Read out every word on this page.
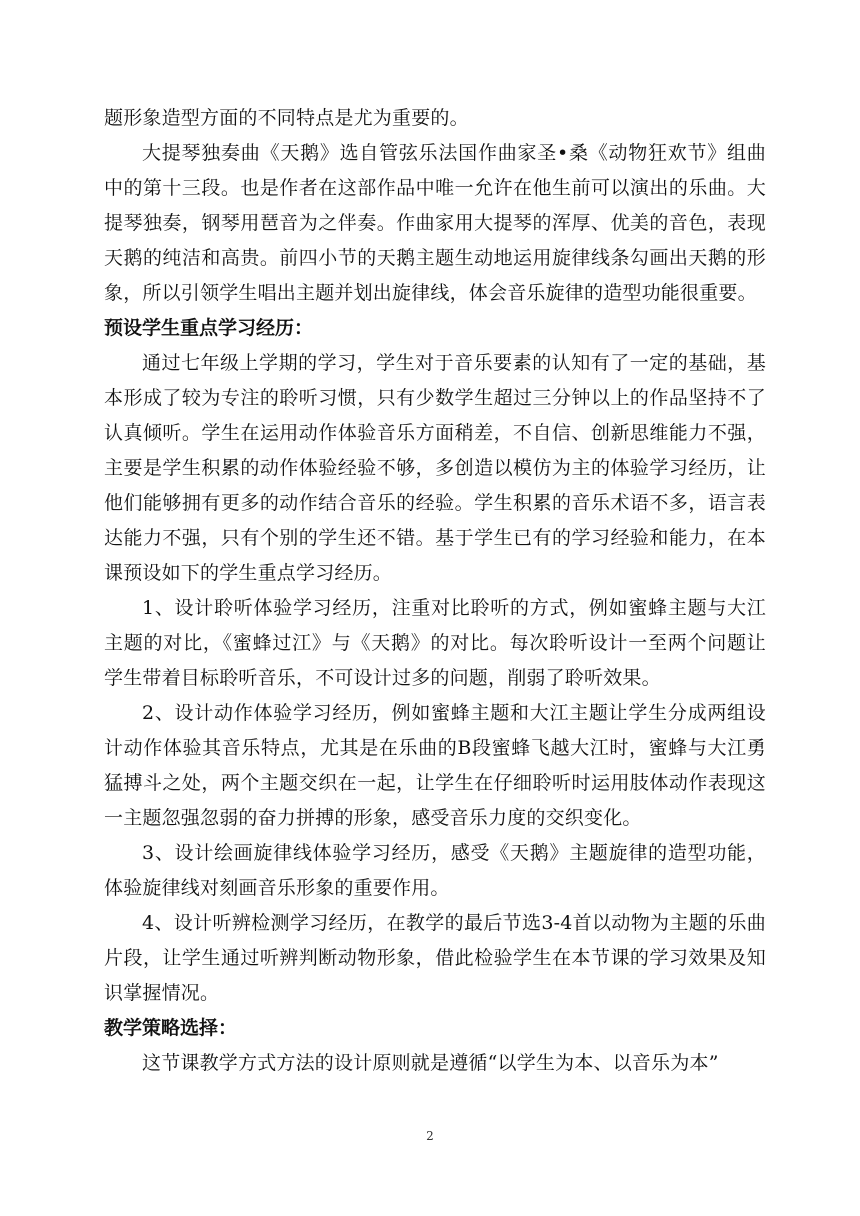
题形象造型方面的不同特点是尤为重要的。

大提琴独奏曲《天鹅》选自管弦乐法国作曲家圣•桑《动物狂欢节》组曲中的第十三段。也是作者在这部作品中唯一允许在他生前可以演出的乐曲。大提琴独奏，钢琴用琶音为之伴奏。作曲家用大提琴的浑厚、优美的音色，表现天鹅的纯洁和高贵。前四小节的天鹅主题生动地运用旋律线条勾画出天鹅的形象，所以引领学生唱出主题并划出旋律线，体会音乐旋律的造型功能很重要。

预设学生重点学习经历：

通过七年级上学期的学习，学生对于音乐要素的认知有了一定的基础，基本形成了较为专注的聆听习惯，只有少数学生超过三分钟以上的作品坚持不了认真倾听。学生在运用动作体验音乐方面稍差，不自信、创新思维能力不强，主要是学生积累的动作体验经验不够，多创造以模仿为主的体验学习经历，让他们能够拥有更多的动作结合音乐的经验。学生积累的音乐术语不多，语言表达能力不强，只有个别的学生还不错。基于学生已有的学习经验和能力，在本课预设如下的学生重点学习经历。

1、设计聆听体验学习经历，注重对比聆听的方式，例如蜜蜂主题与大江主题的对比，《蜜蜂过江》与《天鹅》的对比。每次聆听设计一至两个问题让学生带着目标聆听音乐，不可设计过多的问题，削弱了聆听效果。

2、设计动作体验学习经历，例如蜜蜂主题和大江主题让学生分成两组设计动作体验其音乐特点，尤其是在乐曲的B段蜜蜂飞越大江时，蜜蜂与大江勇猛搏斗之处，两个主题交织在一起，让学生在仔细聆听时运用肢体动作表现这一主题忽强忽弱的奋力拼搏的形象，感受音乐力度的交织变化。

3、设计绘画旋律线体验学习经历，感受《天鹅》主题旋律的造型功能，体验旋律线对刻画音乐形象的重要作用。

4、设计听辨检测学习经历，在教学的最后节选3-4首以动物为主题的乐曲片段，让学生通过听辨判断动物形象，借此检验学生在本节课的学习效果及知识掌握情况。

教学策略选择：

这节课教学方式方法的设计原则就是遵循“以学生为本、以音乐为本”

2
